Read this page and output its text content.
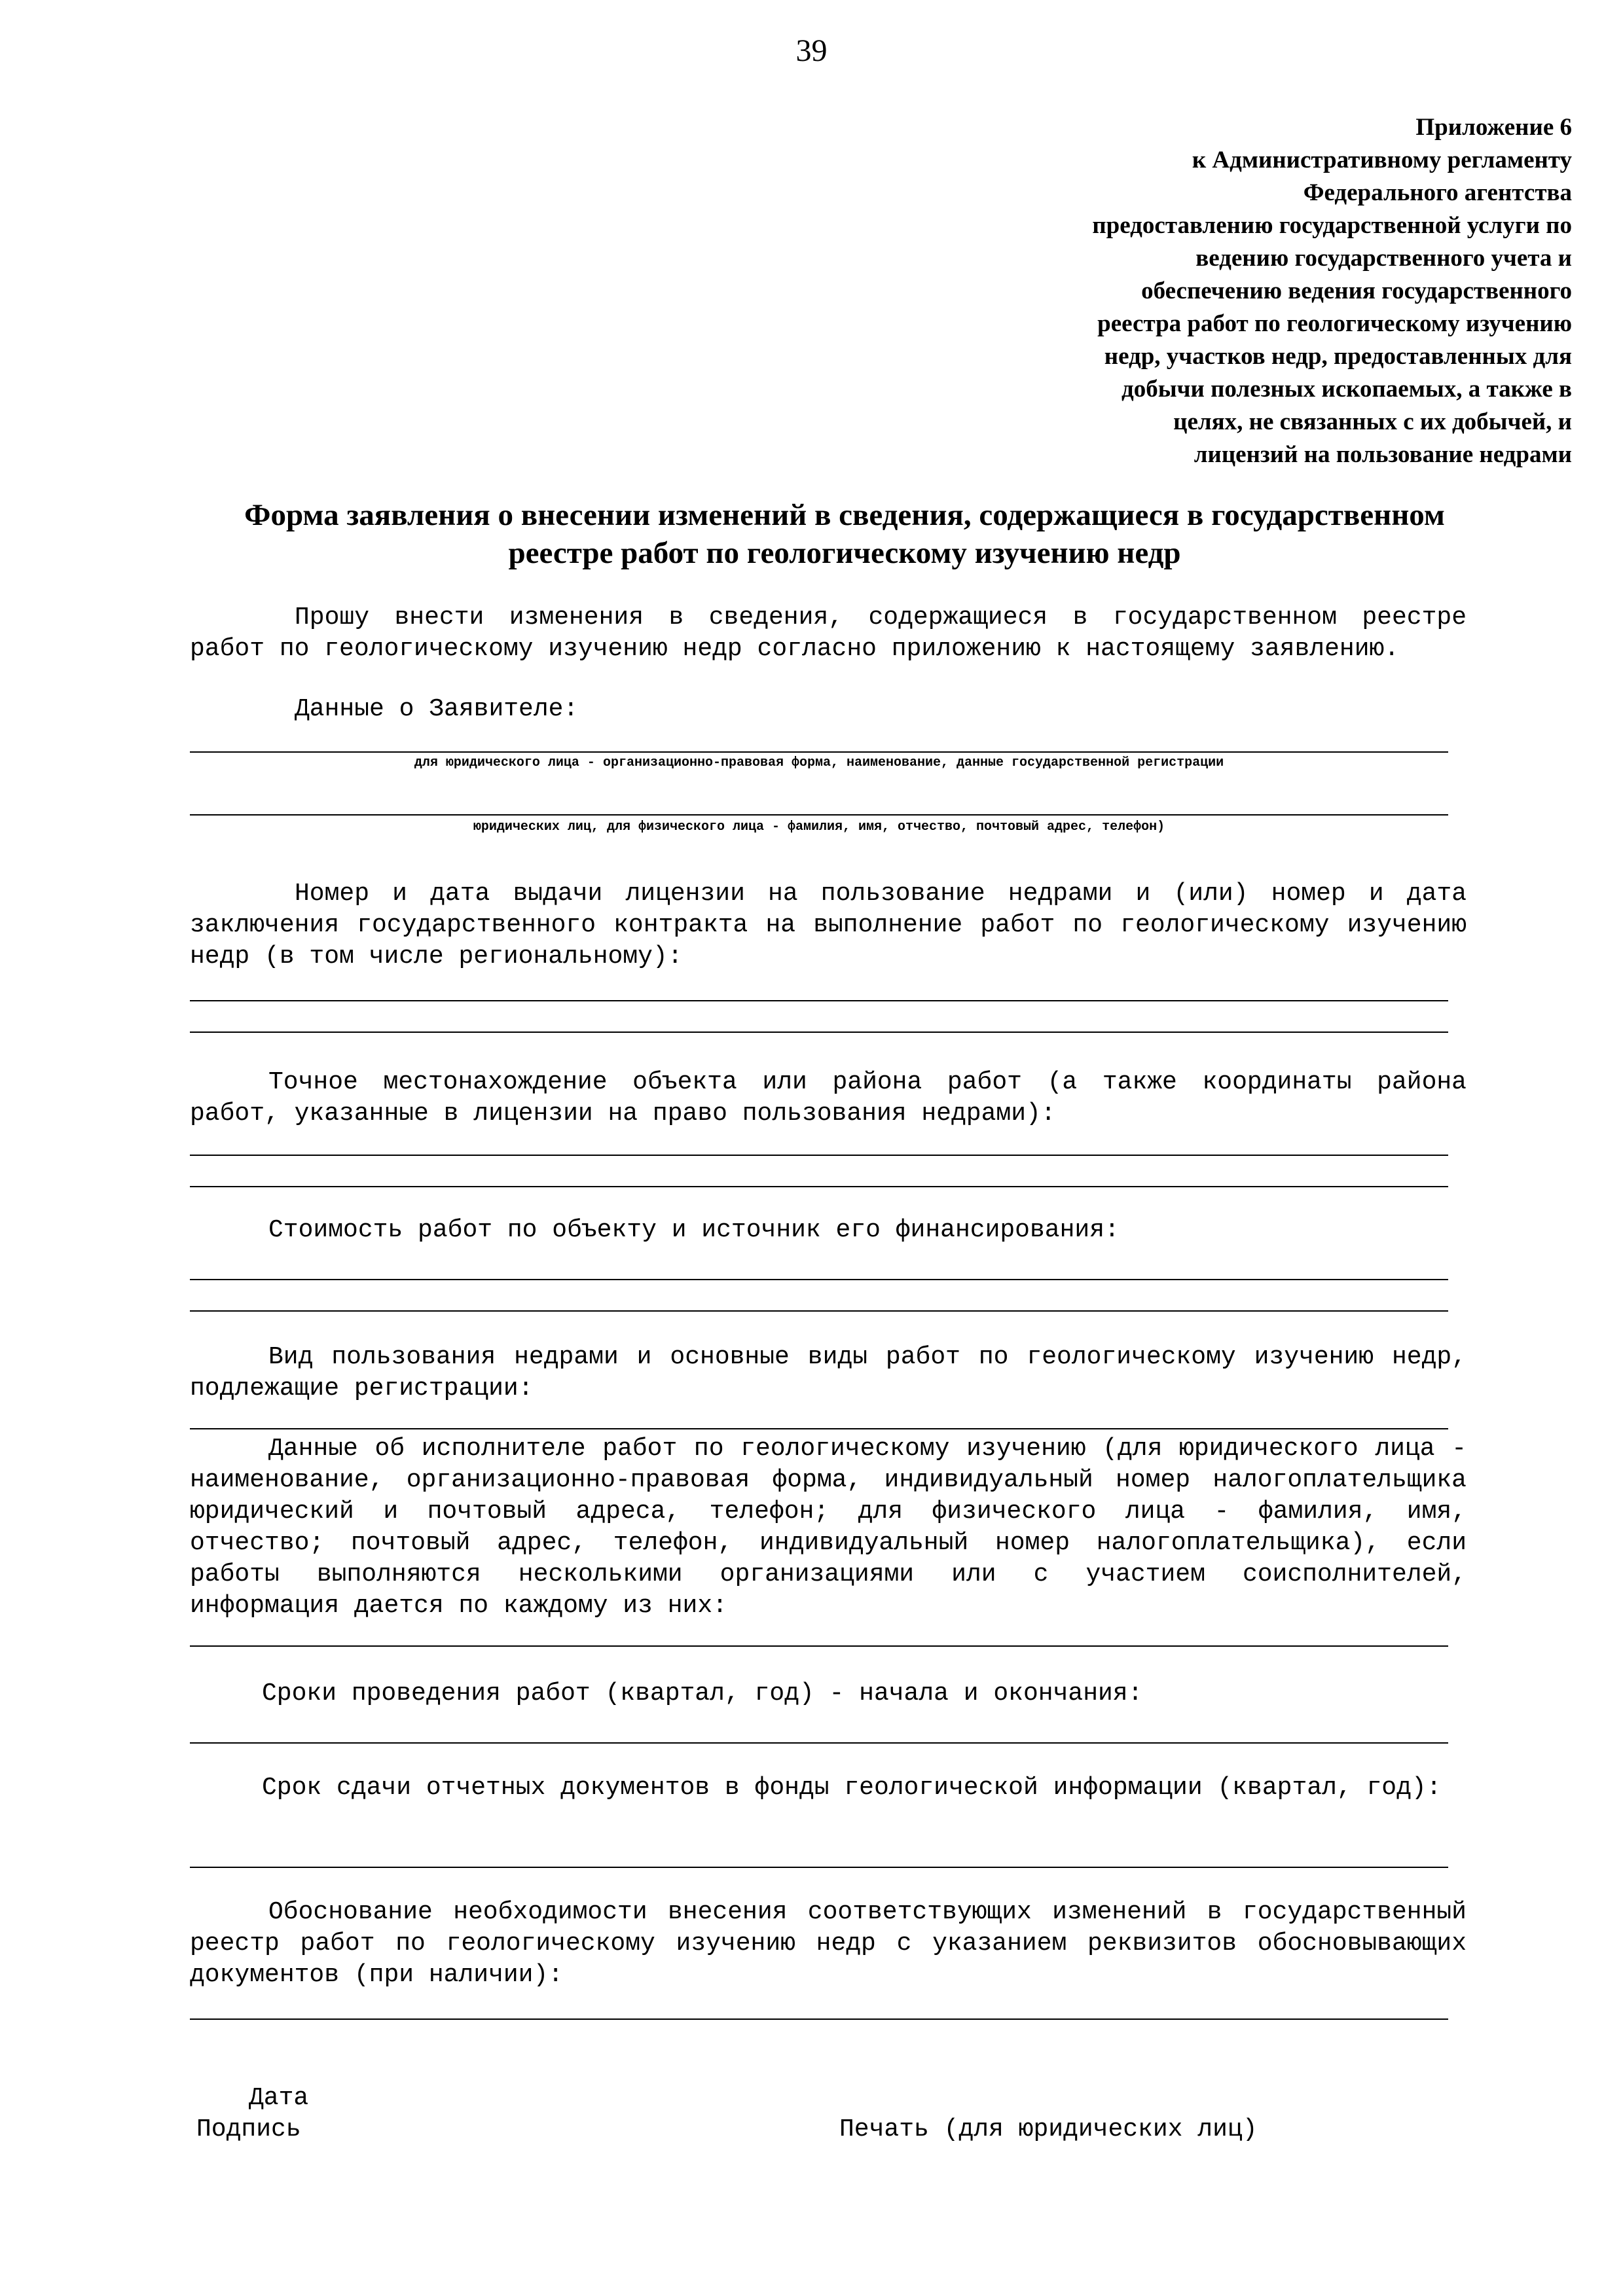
39
Приложение 6
к Административному регламенту
Федерального агентства
предоставлению государственной услуги по
ведению государственного учета и
обеспечению ведения государственного
реестра работ по геологическому изучению
недр, участков недр, предоставленных для
добычи полезных ископаемых, а также в
целях, не связанных с их добычей, и
лицензий на пользование недрами
Форма заявления о внесении изменений в сведения, содержащиеся в государственном
реестре работ по геологическому изучению недр
Прошу внести изменения в сведения, содержащиеся в государственном реестре работ по геологическому изучению недр согласно приложению к настоящему заявлению.
Данные о Заявителе:
для юридического лица - организационно-правовая форма, наименование, данные государственной регистрации
юридических лиц, для физического лица - фамилия, имя, отчество, почтовый адрес, телефон)
Номер и дата выдачи лицензии на пользование недрами и (или) номер и дата заключения государственного контракта на выполнение работ по геологическому изучению недр (в том числе региональному):
Точное местонахождение объекта или района работ (а также координаты района работ, указанные в лицензии на право пользования недрами):
Стоимость работ по объекту и источник его финансирования:
Вид пользования недрами и основные виды работ по геологическому изучению недр, подлежащие регистрации:
Данные об исполнителе работ по геологическому изучению (для юридического лица - наименование, организационно-правовая форма, индивидуальный номер налогоплательщика юридический и почтовый адреса, телефон; для физического лица - фамилия, имя, отчество; почтовый адрес, телефон, индивидуальный номер налогоплательщика), если работы выполняются несколькими организациями или с участием соисполнителей, информация дается по каждому из них:
Сроки проведения работ (квартал, год) - начала и окончания:
Срок сдачи отчетных документов в фонды геологической информации (квартал, год):
Обоснование необходимости внесения соответствующих изменений в государственный реестр работ по геологическому изучению недр с указанием реквизитов обосновывающих документов (при наличии):
Дата
Подпись	Печать (для юридических лиц)
